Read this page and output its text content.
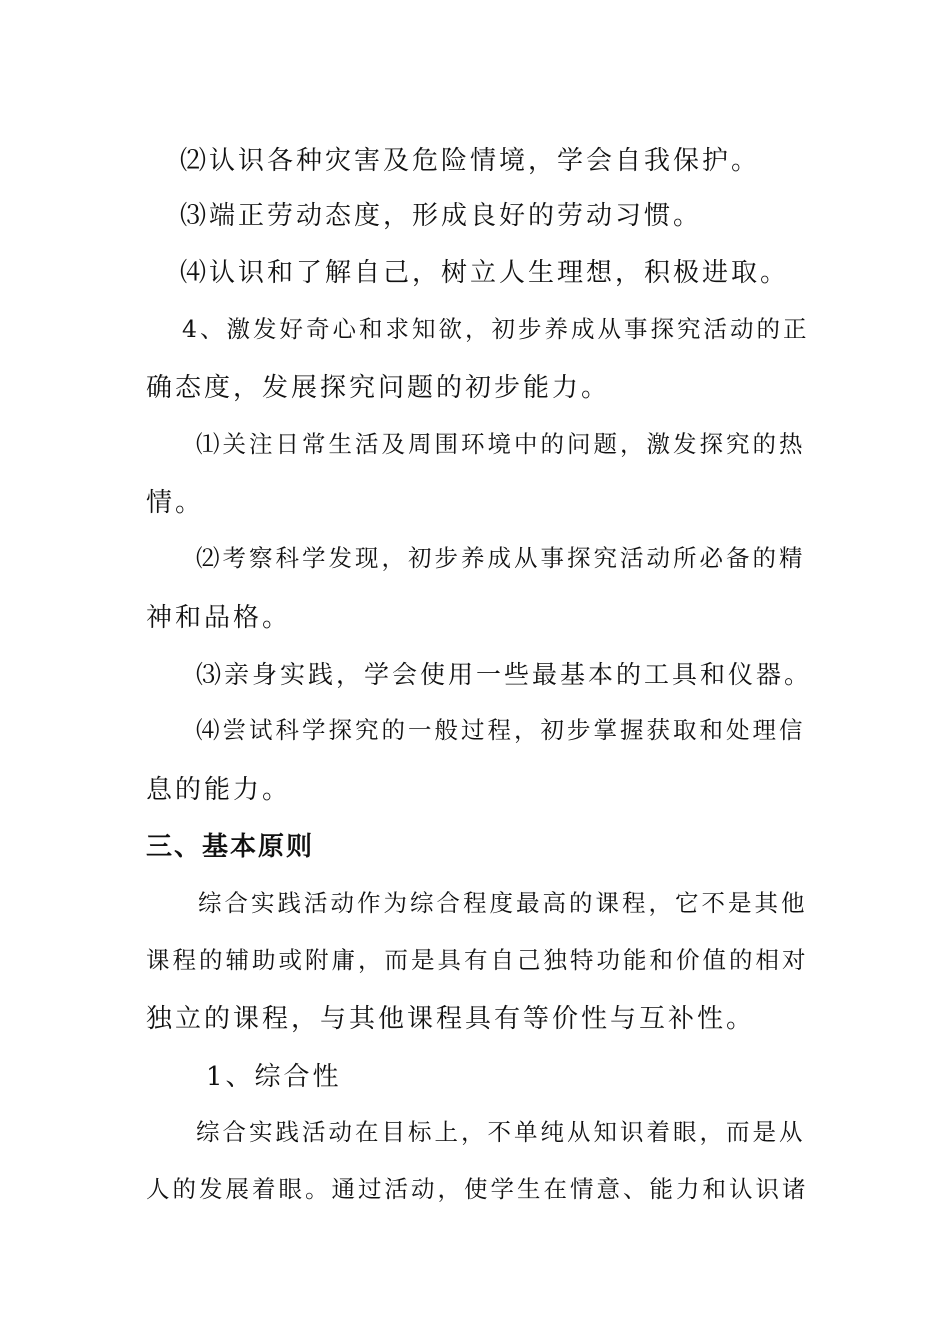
⑵认识各种灾害及危险情境，学会自我保护。
⑶端正劳动态度，形成良好的劳动习惯。
⑷认识和了解自己，树立人生理想，积极进取。
4、激发好奇心和求知欲，初步养成从事探究活动的正
确态度，发展探究问题的初步能力。
⑴关注日常生活及周围环境中的问题，激发探究的热
情。
⑵考察科学发现，初步养成从事探究活动所必备的精
神和品格。
⑶亲身实践，学会使用一些最基本的工具和仪器。
⑷尝试科学探究的一般过程，初步掌握获取和处理信
息的能力。
三、基本原则
综合实践活动作为综合程度最高的课程，它不是其他
课程的辅助或附庸，而是具有自己独特功能和价值的相对
独立的课程，与其他课程具有等价性与互补性。
1、综合性
综合实践活动在目标上，不单纯从知识着眼，而是从
人的发展着眼。通过活动，使学生在情意、能力和认识诸
